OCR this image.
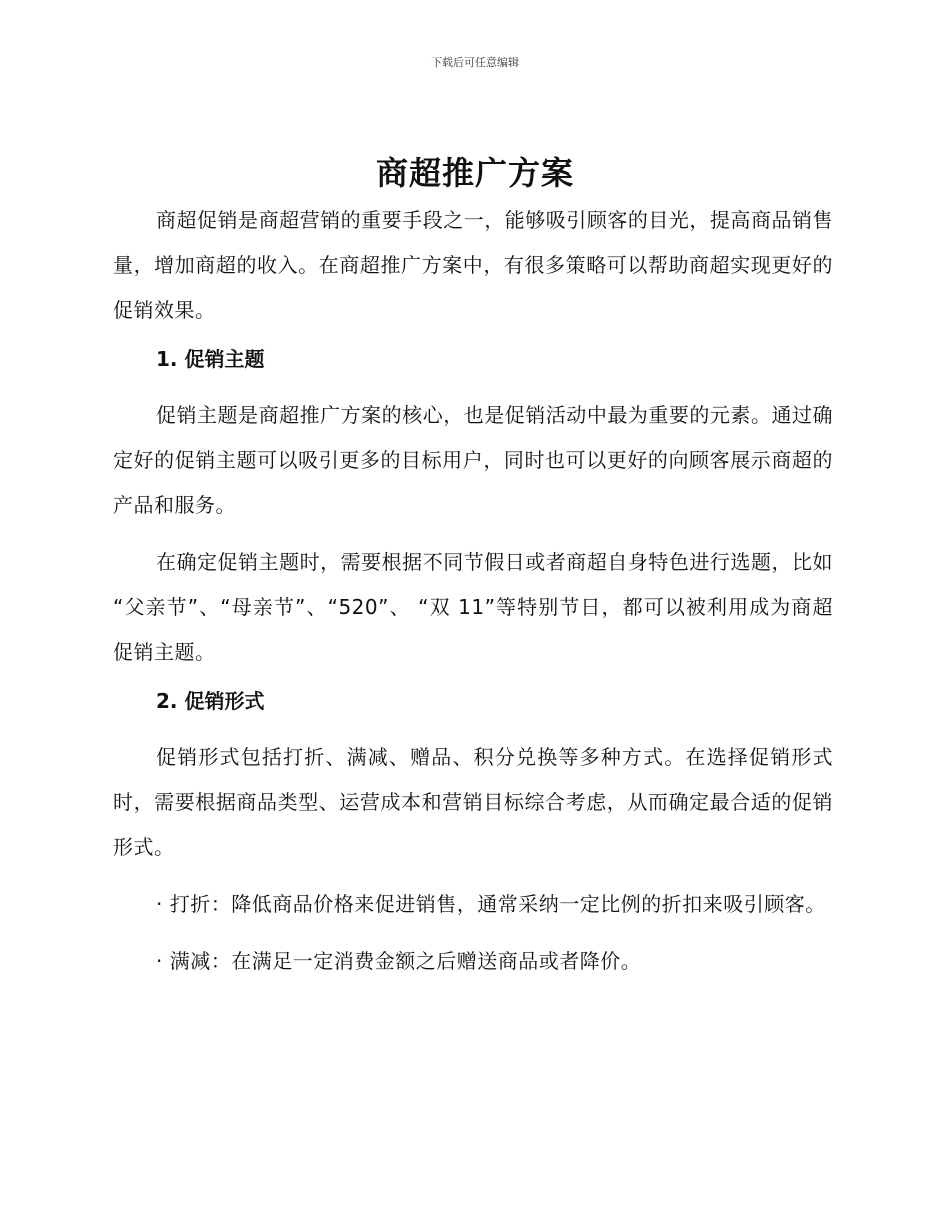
下载后可任意编辑
商超推广方案

商超促销是商超营销的重要手段之一，能够吸引顾客的目光，提高商品销售量，增加商超的收入。在商超推广方案中，有很多策略可以帮助商超实现更好的促销效果。

1. 促销主题

促销主题是商超推广方案的核心，也是促销活动中最为重要的元素。通过确定好的促销主题可以吸引更多的目标用户，同时也可以更好的向顾客展示商超的产品和服务。

在确定促销主题时，需要根据不同节假日或者商超自身特色进行选题，比如 “父亲节”、“母亲节”、“520”、 “双 11”等特别节日，都可以被利用成为商超促销主题。

2. 促销形式

促销形式包括打折、满减、赠品、积分兑换等多种方式。在选择促销形式时，需要根据商品类型、运营成本和营销目标综合考虑，从而确定最合适的促销形式。

· 打折：降低商品价格来促进销售，通常采纳一定比例的折扣来吸引顾客。

· 满减：在满足一定消费金额之后赠送商品或者降价。
